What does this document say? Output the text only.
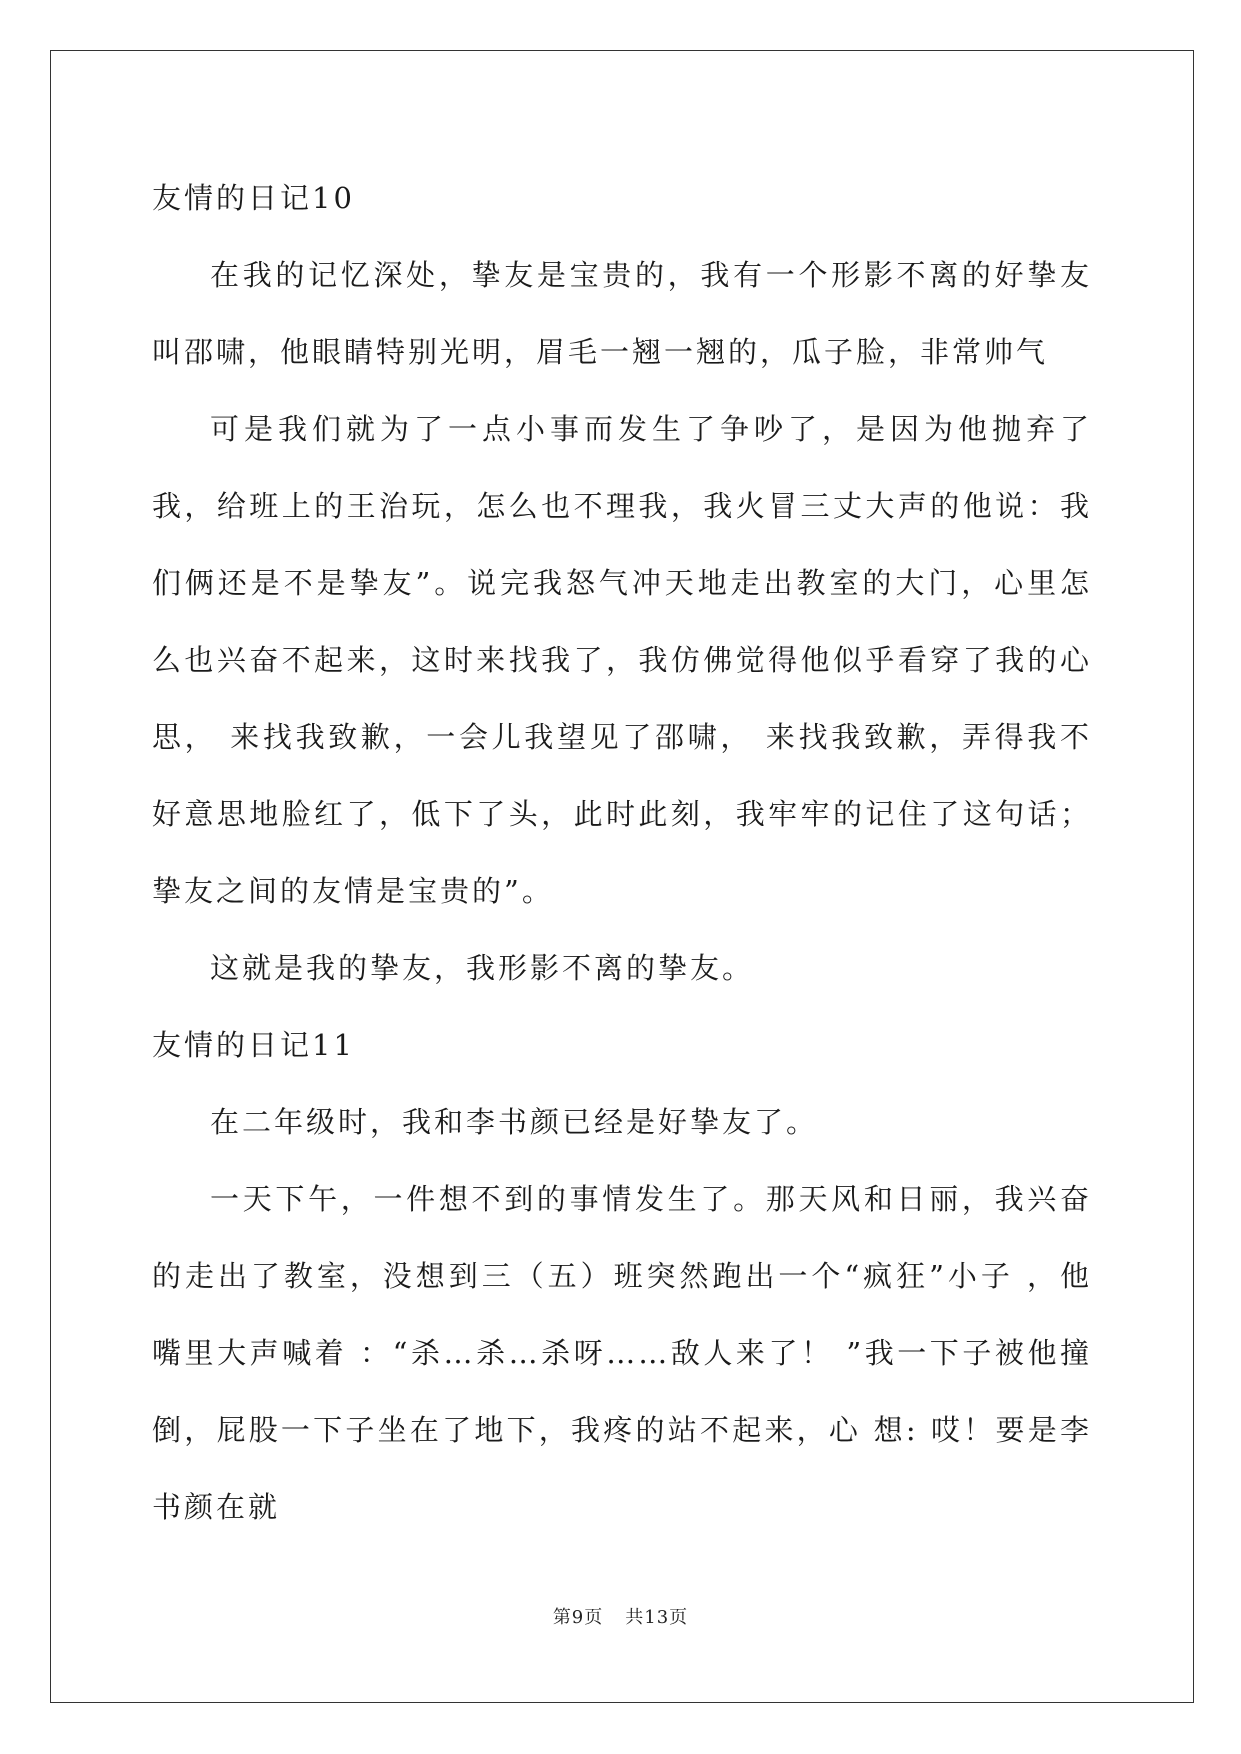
友情的日记10

在我的记忆深处，挚友是宝贵的，我有一个形影不离的好挚友叫邵啸，他眼睛特别光明，眉毛一翘一翘的，瓜子脸，非常帅气

可是我们就为了一点小事而发生了争吵了，是因为他抛弃了我，给班上的王治玩，怎么也不理我，我火冒三丈大声的他说：我们俩还是不是挚友”。说完我怒气冲天地走出教室的大门，心里怎么也兴奋不起来，这时来找我了，我仿佛觉得他似乎看穿了我的心思， 来找我致歉，一会儿我望见了邵啸， 来找我致歉，弄得我不好意思地脸红了，低下了头，此时此刻，我牢牢的记住了这句话；挚友之间的友情是宝贵的”。

这就是我的挚友，我形影不离的挚友。

友情的日记11

在二年级时，我和李书颜已经是好挚友了。

一天下午，一件想不到的事情发生了。那天风和日丽，我兴奋的走出了教室，没想到三（五）班突然跑出一个“疯狂”小子 ，他嘴里大声喊着 ：“杀…杀…杀呀……敌人来了！ ”我一下子被他撞倒，屁股一下子坐在了地下，我疼的站不起来，心 想: 哎！要是李书颜在就

第9页 共13页
